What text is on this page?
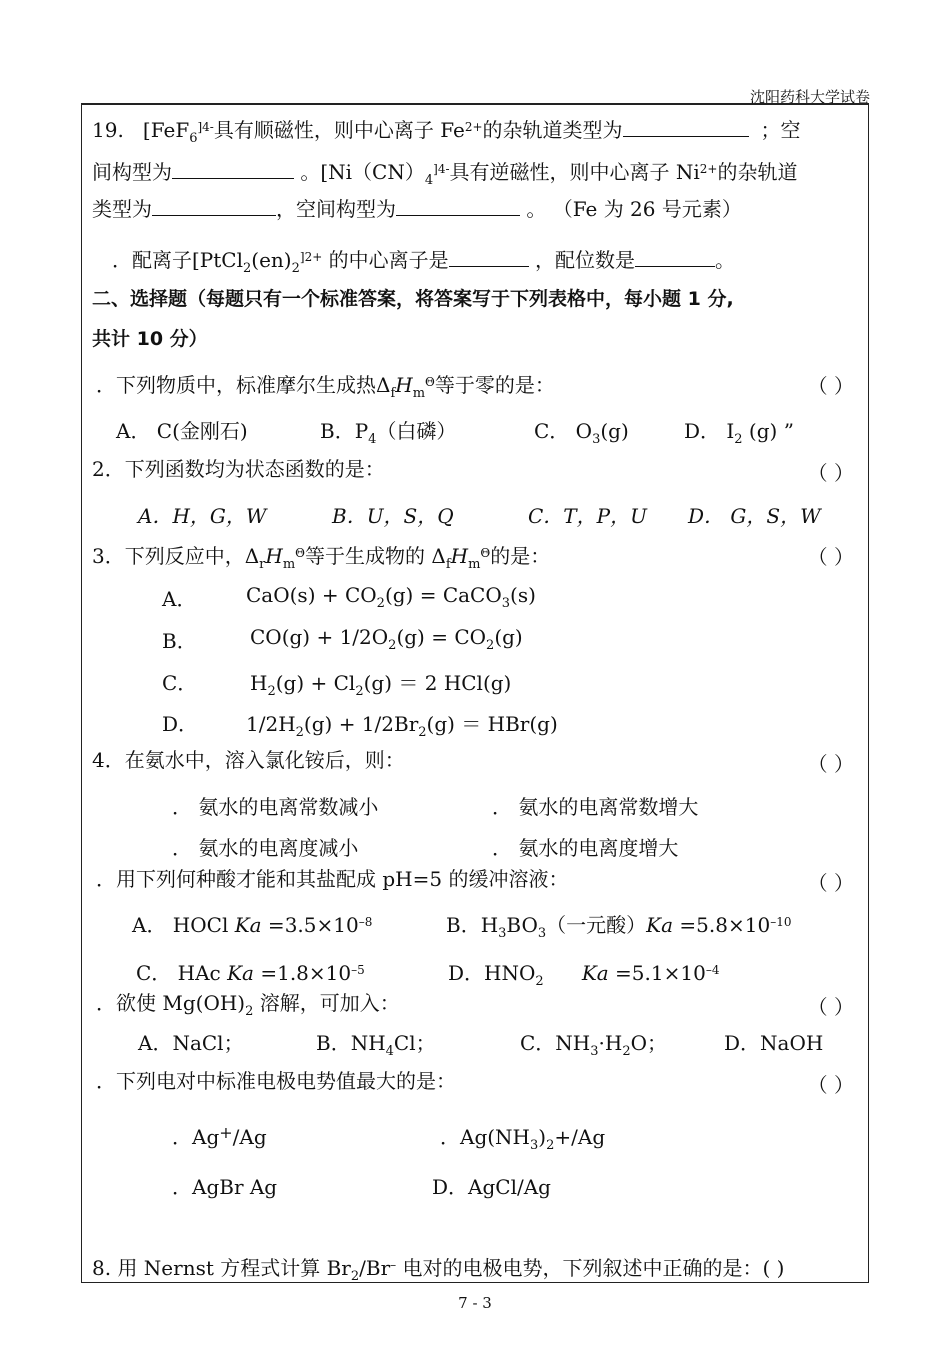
沈阳药科大学试卷
19. [FeF$_6^{]4-}$具有顺磁性，则中心离子 $Fe^{2+}$的杂轨道类型为	；空
间构型为	。[$Ni(CN)_4^{]4-}$具有逆磁性，则中心离子 $Ni^{2+}$的杂轨道
类型为	，空间构型为	。 （Fe 为 26 号元素）
．配离子[$PtCl_2(en)_2^{]2+}$ 的中心离子是	，配位数是	。
二、选择题（每题只有一个标准答案，将答案写于下列表格中，每小题 1 分,
共计 10 分）
．下列物质中，标准摩尔生成热$\Delta_fH_m^\Theta$等于零的是：	（ ）
A． C(金刚石)	B．$P_4$（白磷）	C． $O_3(g)$	D． $I_2$ (g) ”
2．下列函数均为状态函数的是：	（ ）
A．H，G，W	B．U，S，Q	C．T，P，U D． G，S，W
3．下列反应中，$\Delta_rH_m^\Theta$等于生成物的 $\Delta_fH_m^\Theta$的是：	（ ）
A． $CaO(s) + CO_2(g)$ = CaCO$_3$(s)
B．	$CO(g) + 1/2O_2(g) = CO_2(g)$
C．	$H_2(g) + Cl_2(g) = 2$ HCl(g)
D． $1/2H_2(g) + 1/2Br_2(g) = HBr(g)$
4．在氨水中，溶入氯化铵后，则：	（ ）
． 氨水的电离常数减小	． 氨水的电离常数增大
． 氨水的电离度减小	． 氨水的电离度增大
．用下列何种酸才能和其盐配成 pH=5 的缓冲溶液：	（ ）
A． HOCl $Ka =3.5\times 10^{-8}$	B．$H_3BO_3$（一元酸）$Ka =5.8\times 10^{-10}$
C． HAc $Ka =1.8\times 10^{-5}$	D．$HNO_2$ $Ka =5.1\times 10^{-4}$
．欲使 $Mg(OH)_2$ 溶解，可加入：	（ ）
A．NaCl；	B．$NH_4Cl$；	C．$NH_3\cdot H_2O$；	D．NaOH
．下列电对中标准电极电势值最大的是：	（ ）
．Ag+/Ag	．$Ag(NH_3)_2+/Ag$
．AgBr Ag	D．AgCl/Ag
8. 用 Nernst 方程式计算 $Br_2/Br^-$ 电对的电极电势，下列叙述中正确的是：( )
7 - 3
